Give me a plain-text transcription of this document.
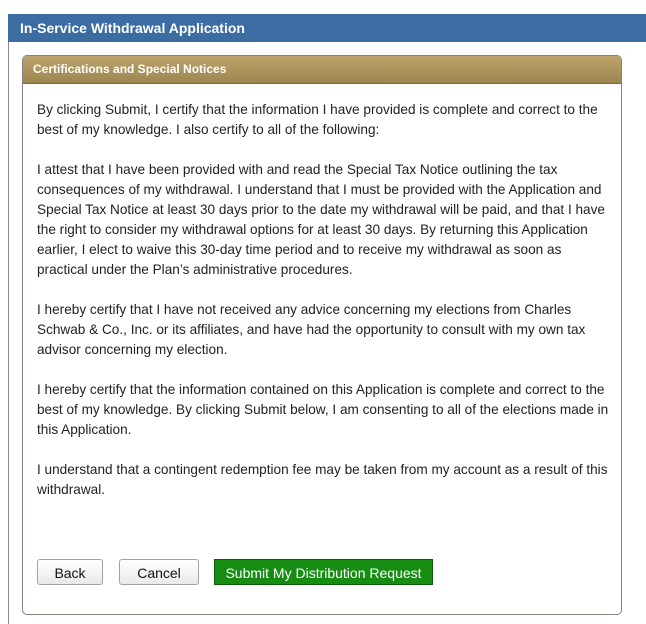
In-Service Withdrawal Application
Certifications and Special Notices

By clicking Submit, I certify that the information I have provided is complete and correct to the best of my knowledge. I also certify to all of the following:

I attest that I have been provided with and read the Special Tax Notice outlining the tax consequences of my withdrawal. I understand that I must be provided with the Application and Special Tax Notice at least 30 days prior to the date my withdrawal will be paid, and that I have the right to consider my withdrawal options for at least 30 days. By returning this Application earlier, I elect to waive this 30-day time period and to receive my withdrawal as soon as practical under the Plan’s administrative procedures.

I hereby certify that I have not received any advice concerning my elections from Charles Schwab & Co., Inc. or its affiliates, and have had the opportunity to consult with my own tax advisor concerning my election.

I hereby certify that the information contained on this Application is complete and correct to the best of my knowledge. By clicking Submit below, I am consenting to all of the elections made in this Application.

I understand that a contingent redemption fee may be taken from my account as a result of this withdrawal.

Back	Cancel	Submit My Distribution Request
